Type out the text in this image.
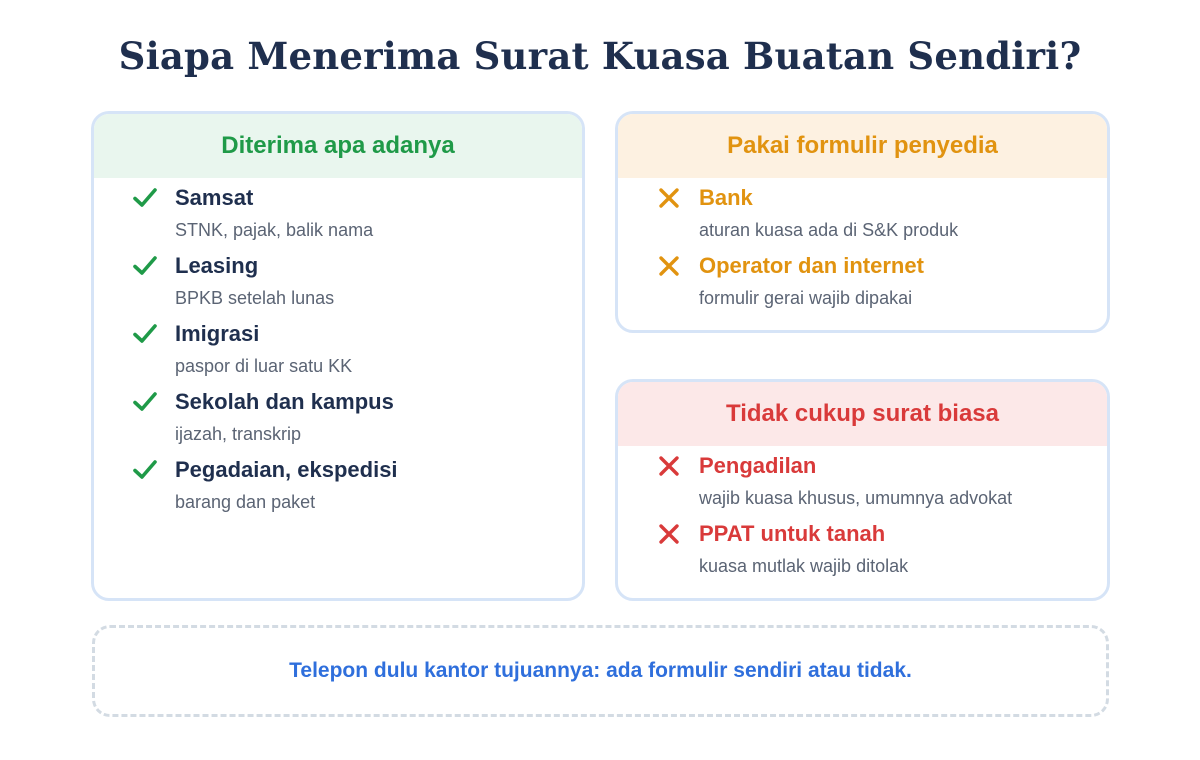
Siapa Menerima Surat Kuasa Buatan Sendiri?
Diterima apa adanya
Samsat
STNK, pajak, balik nama
Leasing
BPKB setelah lunas
Imigrasi
paspor di luar satu KK
Sekolah dan kampus
ijazah, transkrip
Pegadaian, ekspedisi
barang dan paket
Pakai formulir penyedia
Bank
aturan kuasa ada di S&K produk
Operator dan internet
formulir gerai wajib dipakai
Tidak cukup surat biasa
Pengadilan
wajib kuasa khusus, umumnya advokat
PPAT untuk tanah
kuasa mutlak wajib ditolak
Telepon dulu kantor tujuannya: ada formulir sendiri atau tidak.
